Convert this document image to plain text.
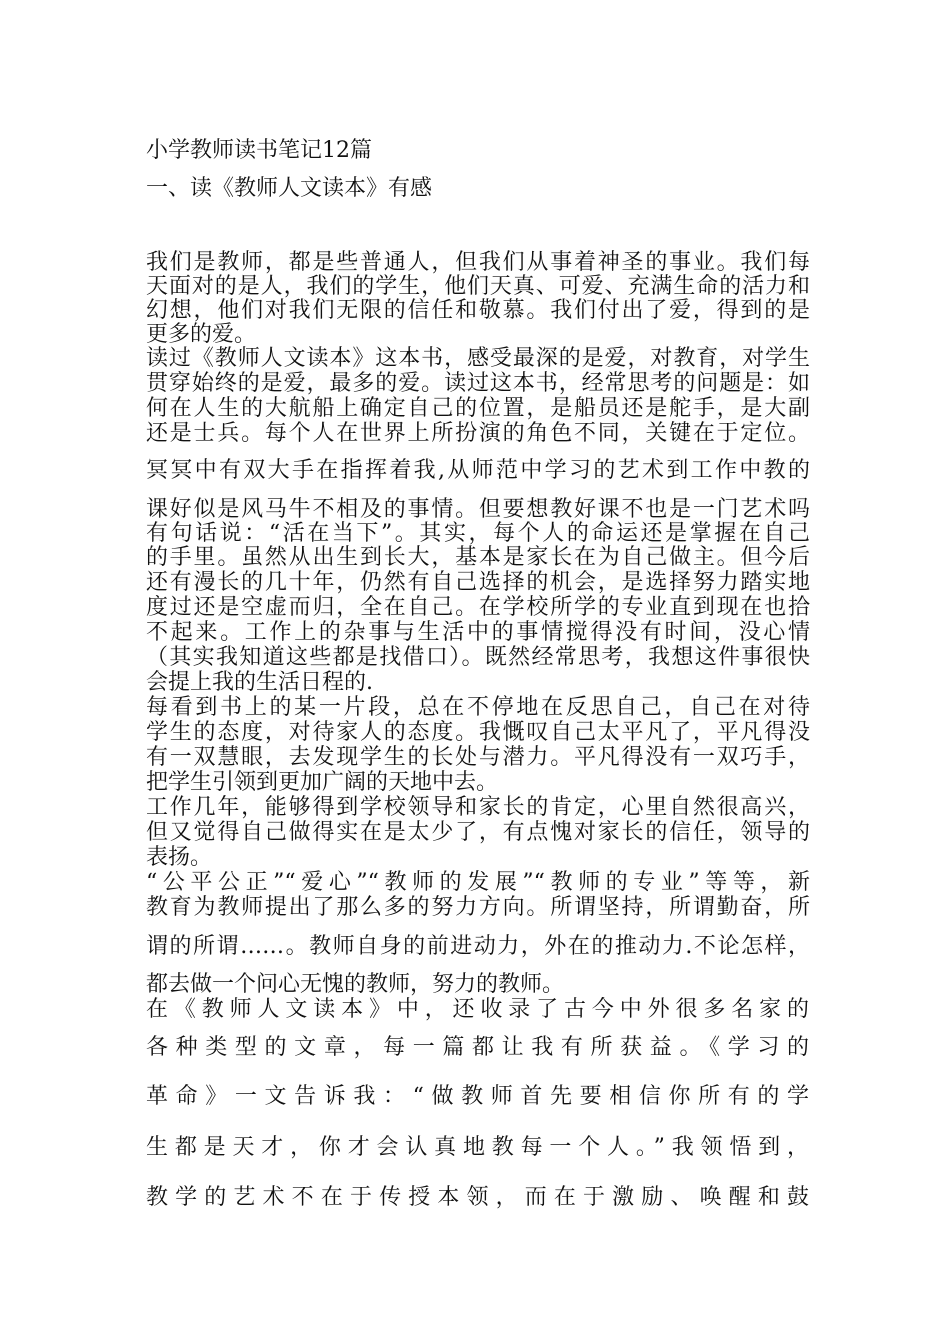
小学教师读书笔记12篇
一、读《教师人文读本》有感
我们是教师，都是些普通人，但我们从事着神圣的事业。我们每
天面对的是人，我们的学生，他们天真、可爱、充满生命的活力和
幻想，他们对我们无限的信任和敬慕。我们付出了爱，得到的是
更多的爱。
读过《教师人文读本》这本书，感受最深的是爱，对教育，对学生
贯穿始终的是爱，最多的爱。读过这本书，经常思考的问题是：如
何在人生的大航船上确定自己的位置，是船员还是舵手，是大副
还是士兵。每个人在世界上所扮演的角色不同，关键在于定位。
冥冥中有双大手在指挥着我,从师范中学习的艺术到工作中教的
课好似是风马牛不相及的事情。但要想教好课不也是一门艺术吗
有句话说：“活在当下”。其实，每个人的命运还是掌握在自己
的手里。虽然从出生到长大，基本是家长在为自己做主。但今后
还有漫长的几十年，仍然有自己选择的机会，是选择努力踏实地
度过还是空虚而归，全在自己。在学校所学的专业直到现在也拾
不起来。工作上的杂事与生活中的事情搅得没有时间，没心情
（其实我知道这些都是找借口）。既然经常思考，我想这件事很快
会提上我的生活日程的.
每看到书上的某一片段，总在不停地在反思自己，自己在对待
学生的态度，对待家人的态度。我慨叹自己太平凡了，平凡得没
有一双慧眼，去发现学生的长处与潜力。平凡得没有一双巧手，
把学生引领到更加广阔的天地中去。
工作几年，能够得到学校领导和家长的肯定，心里自然很高兴，
但又觉得自己做得实在是太少了，有点愧对家长的信任，领导的
表扬。
“公平公正”“爱心”“教师的发展”“教师的专业”等等，新
教育为教师提出了那么多的努力方向。所谓坚持，所谓勤奋，所
谓的所谓……。教师自身的前进动力，外在的推动力.不论怎样，
都去做一个问心无愧的教师，努力的教师。
在《教师人文读本》中，还收录了古今中外很多名家的
各种类型的文章，每一篇都让我有所获益。《学习的
革命》一文告诉我：“做教师首先要相信你所有的学
生都是天才，你才会认真地教每一个人。”我领悟到，
教学的艺术不在于传授本领，而在于激励、唤醒和鼓
